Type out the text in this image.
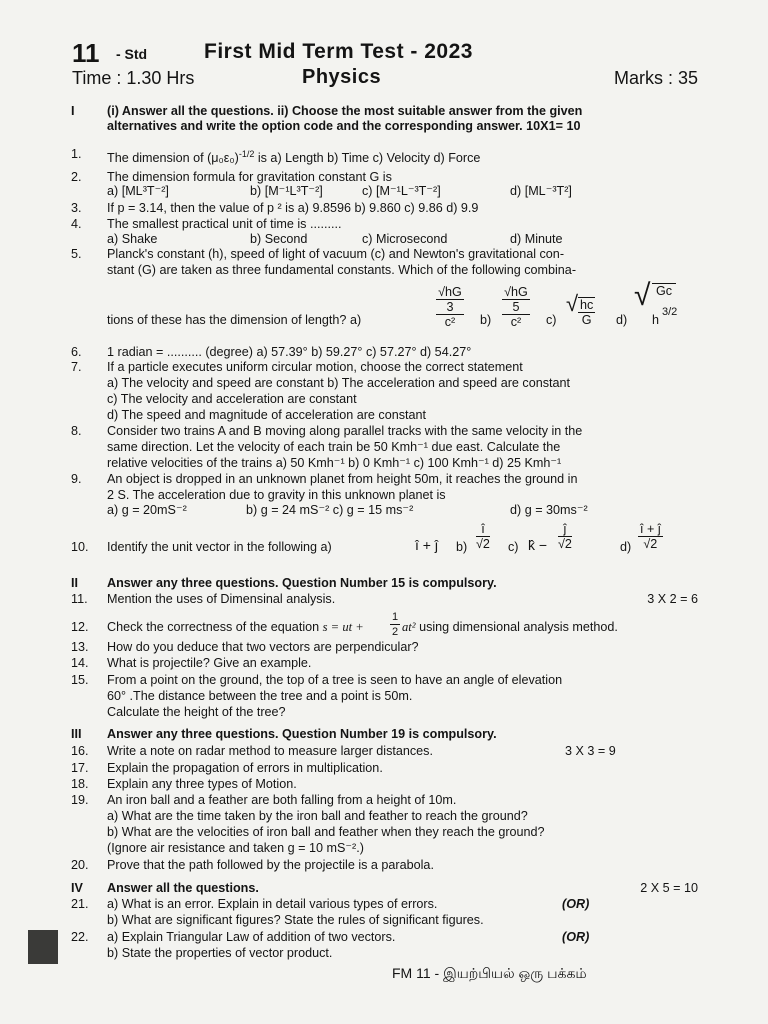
11 - Std	First Mid Term Test - 2023
Time : 1.30 Hrs	Physics	Marks : 35
I	(i) Answer all the questions. ii) Choose the most suitable answer from the given
alternatives and write the option code and the corresponding answer. 10X1= 10
1.	The dimension of $(\mu_0\varepsilon_0)^{-1/2}$ is a) Length b) Time c) Velocity d) Force
2.	The dimension formula for gravitation constant G is
a) [ML³T⁻²]	b) [M⁻¹L³T⁻²]	c) [M⁻¹L⁻³T⁻²]	d) [ML⁻³T²]
3.	If p = 3.14, then the value of p ² is a) 9.8596 b) 9.860 c) 9.86 d) 9.9
4.	The smallest practical unit of time is .........
a) Shake	b) Second	c) Microsecond	d) Minute
5.	Planck's constant (h), speed of light of vacuum (c) and Newton's gravitational con-
stant (G) are taken as three fundamental constants. Which of the following combina-
tions of these has the dimension of length? a)
√hG
3
c²	b)
√hG
5
c²	c)
√ hc
G d)
√ Gc
h
3/2
6.	1 radian = .......... (degree) a) 57.39° b) 59.27° c) 57.27° d) 54.27°
7.	If a particle executes uniform circular motion, choose the correct statement
a) The velocity and speed are constant b) The acceleration and speed are constant
c) The velocity and acceleration are constant
d) The speed and magnitude of acceleration are constant
8.	Consider two trains A and B moving along parallel tracks with the same velocity in the
same direction. Let the velocity of each train be 50 Kmh⁻¹ due east. Calculate the
relative velocities of the trains a) 50 Kmh⁻¹ b) 0 Kmh⁻¹ c) 100 Kmh⁻¹ d) 25 Kmh⁻¹
9.	An object is dropped in an unknown planet from height 50m, it reaches the ground in
2 S. The acceleration due to gravity in this unknown planet is
a) g = 20mS⁻²	b) g = 24 mS⁻² c) g = 15 ms⁻²	d) g = 30ms⁻²
10.	Identify the unit vector in the following a)	î + ĵ b)
î
√2 c) k̂ −
ĵ
√2	d)
î + ĵ
√2
II	Answer any three questions. Question Number 15 is compulsory.
11.	Mention the uses of Dimensinal analysis.	3 X 2 = 6
12.	Check the correctness of the equation s = ut +
1
2 at² using dimensional analysis method.
13.	How do you deduce that two vectors are perpendicular?
14.	What is projectile? Give an example.
15.	From a point on the ground, the top of a tree is seen to have an angle of elevation
60° .The distance between the tree and a point is 50m.
Calculate the height of the tree?
III	Answer any three questions. Question Number 19 is compulsory.
16.	Write a note on radar method to measure larger distances.	3 X 3 = 9
17.	Explain the propagation of errors in multiplication.
18.	Explain any three types of Motion.
19.	An iron ball and a feather are both falling from a height of 10m.
a) What are the time taken by the iron ball and feather to reach the ground?
b) What are the velocities of iron ball and feather when they reach the ground?
(Ignore air resistance and taken g = 10 mS⁻².)
20.	Prove that the path followed by the projectile is a parabola.
IV	Answer all the questions.	2 X 5 = 10
21.	a) What is an error. Explain in detail various types of errors.	(OR)
b) What are significant figures? State the rules of significant figures.
22.	a) Explain Triangular Law of addition of two vectors.	(OR)
b) State the properties of vector product.
FM 11 - இயற்பியல் ஒரு பக்கம்
